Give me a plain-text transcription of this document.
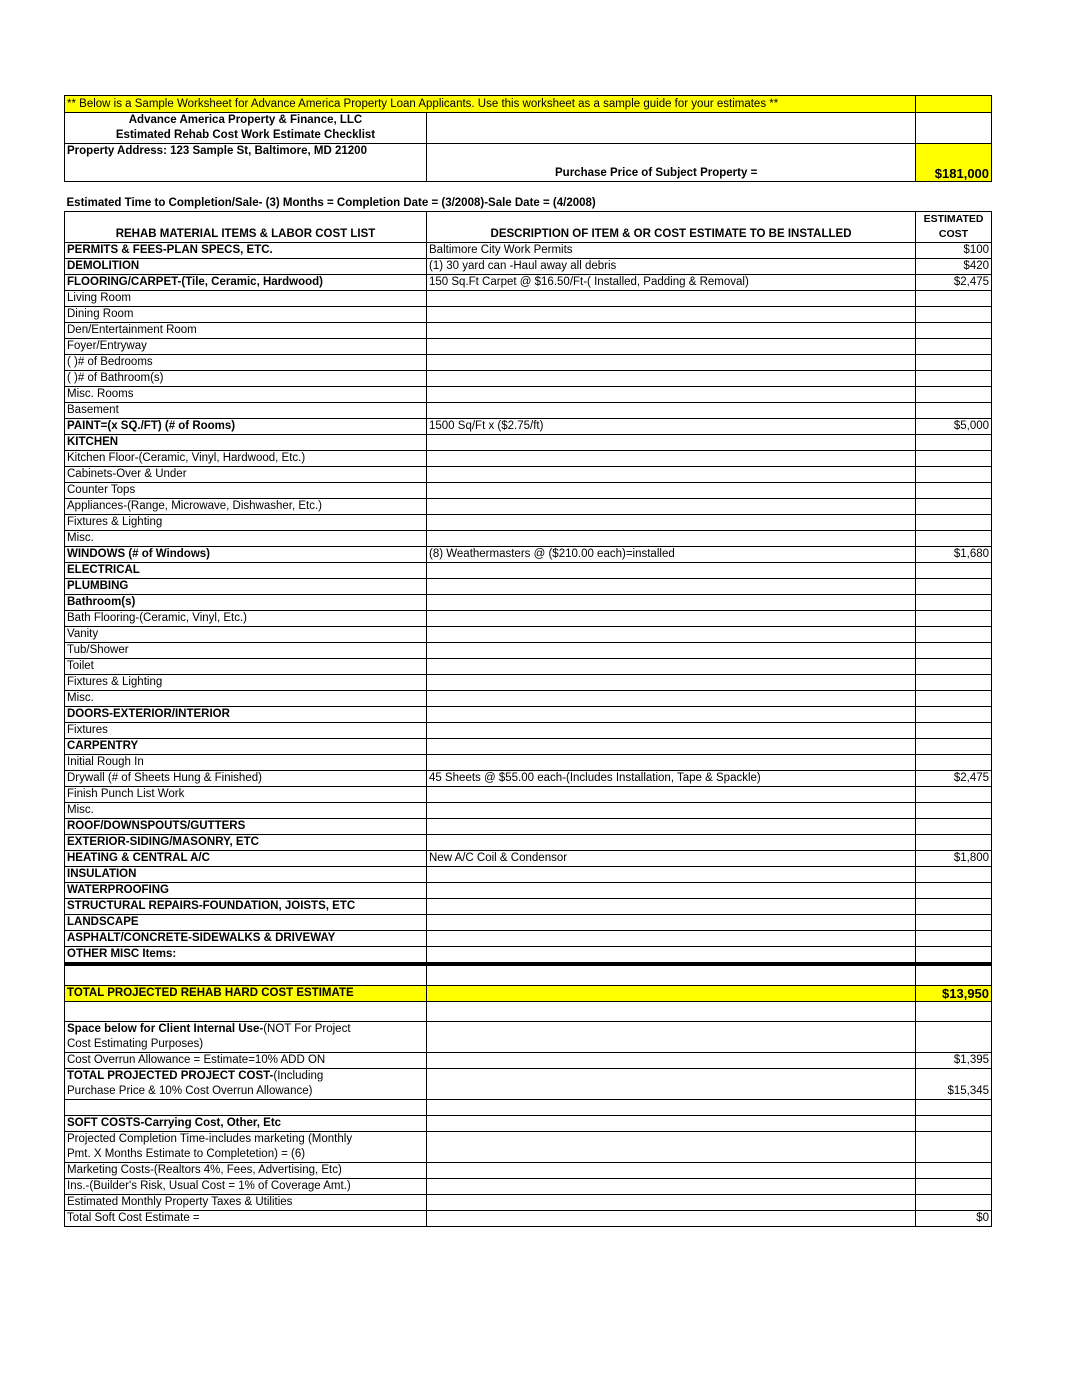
** Below is a Sample Worksheet for Advance America Property Loan Applicants. Use this worksheet as a sample guide for your estimates **		
Advance America Property & Finance, LLC		
Estimated Rehab Cost Work Estimate Checklist		
Property Address: 123 Sample St, Baltimore, MD 21200	Purchase Price of Subject Property =	$181,000
Estimated Time to Completion/Sale- (3) Months = Completion Date = (3/2008)-Sale Date = (4/2008)		
REHAB MATERIAL ITEMS & LABOR COST LIST	DESCRIPTION OF ITEM & OR COST ESTIMATE TO BE INSTALLED	ESTIMATED
COST

PERMITS & FEES-PLAN SPECS, ETC.	Baltimore City Work Permits	$100
DEMOLITION	(1) 30 yard can -Haul away all debris	$420
FLOORING/CARPET-(Tile, Ceramic, Hardwood)	150 Sq.Ft Carpet @ $16.50/Ft-( Installed, Padding & Removal)	$2,475
Living Room		
Dining Room		
Den/Entertainment Room		
Foyer/Entryway		
( )# of Bedrooms		
( )# of Bathroom(s)		
Misc. Rooms		
Basement		
PAINT=(x SQ./FT) (# of Rooms)	1500 Sq/Ft x ($2.75/ft)	$5,000
KITCHEN		
Kitchen Floor-(Ceramic, Vinyl, Hardwood, Etc.)		
Cabinets-Over & Under		
Counter Tops		
Appliances-(Range, Microwave, Dishwasher, Etc.)		
Fixtures & Lighting		
Misc.		
WINDOWS (# of Windows)	(8) Weathermasters @ ($210.00 each)=installed	$1,680
ELECTRICAL		
PLUMBING		
Bathroom(s)		
Bath Flooring-(Ceramic, Vinyl, Etc.)		
Vanity		
Tub/Shower		
Toilet		
Fixtures & Lighting		
Misc.		
DOORS-EXTERIOR/INTERIOR		
Fixtures		
CARPENTRY		
Initial Rough In		
Drywall (# of Sheets Hung & Finished)	45 Sheets @ $55.00 each-(Includes Installation, Tape & Spackle)	$2,475
Finish Punch List Work		
Misc.		
ROOF/DOWNSPOUTS/GUTTERS		
EXTERIOR-SIDING/MASONRY, ETC		
HEATING & CENTRAL A/C	New A/C Coil & Condensor	$1,800
INSULATION		
WATERPROOFING		
STRUCTURAL REPAIRS-FOUNDATION, JOISTS, ETC		
LANDSCAPE		
ASPHALT/CONCRETE-SIDEWALKS & DRIVEWAY		
OTHER MISC Items:		

TOTAL PROJECTED REHAB HARD COST ESTIMATE		$13,950

Space below for Client Internal Use-(NOT For Project		
Cost Estimating Purposes)		
Cost Overrun Allowance = Estimate=10% ADD ON		$1,395
TOTAL PROJECTED PROJECT COST-(Including		
Purchase Price & 10% Cost Overrun Allowance)		$15,345

SOFT COSTS-Carrying Cost, Other, Etc		
Projected Completion Time-includes marketing (Monthly		
Pmt. X Months Estimate to Completetion) = (6)		
Marketing Costs-(Realtors 4%, Fees, Advertising, Etc)		
Ins.-(Builder's Risk, Usual Cost = 1% of Coverage Amt.)		
Estimated Monthly Property Taxes & Utilities		
Total Soft Cost Estimate =		$0
